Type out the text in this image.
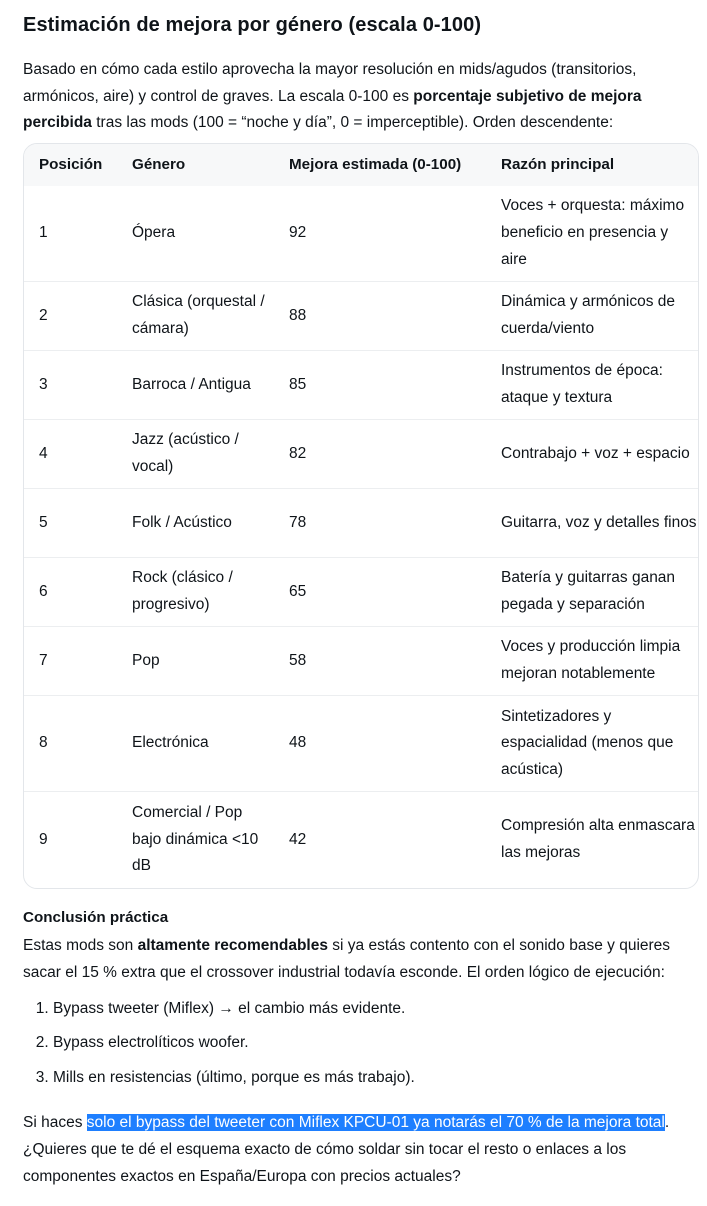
Estimación de mejora por género (escala 0-100)

Basado en cómo cada estilo aprovecha la mayor resolución en mids/agudos (transitorios, armónicos, aire) y control de graves. La escala 0-100 es porcentaje subjetivo de mejora percibida tras las mods (100 = “noche y día”, 0 = imperceptible). Orden descendente:

Posición	Género	Mejora estimada (0-100)	Razón principal
1	Ópera	92	Voces + orquesta: máximo beneficio en presencia y aire
2	Clásica (orquestal / cámara)	88	Dinámica y armónicos de cuerda/viento
3	Barroca / Antigua	85	Instrumentos de época: ataque y textura
4	Jazz (acústico / vocal)	82	Contrabajo + voz + espacio
5	Folk / Acústico	78	Guitarra, voz y detalles finos
6	Rock (clásico / progresivo)	65	Batería y guitarras ganan pegada y separación
7	Pop	58	Voces y producción limpia mejoran notablemente
8	Electrónica	48	Sintetizadores y espacialidad (menos que acústica)
9	Comercial / Pop bajo dinámica <10 dB	42	Compresión alta enmascara las mejoras
Conclusión práctica

Estas mods son altamente recomendables si ya estás contento con el sonido base y quieres sacar el 15 % extra que el crossover industrial todavía esconde. El orden lógico de ejecución:

1. Bypass tweeter (Miflex) → el cambio más evidente.
2. Bypass electrolíticos woofer.
3. Mills en resistencias (último, porque es más trabajo).

Si haces solo el bypass del tweeter con Miflex KPCU-01 ya notarás el 70 % de la mejora total. ¿Quieres que te dé el esquema exacto de cómo soldar sin tocar el resto o enlaces a los componentes exactos en España/Europa con precios actuales?
